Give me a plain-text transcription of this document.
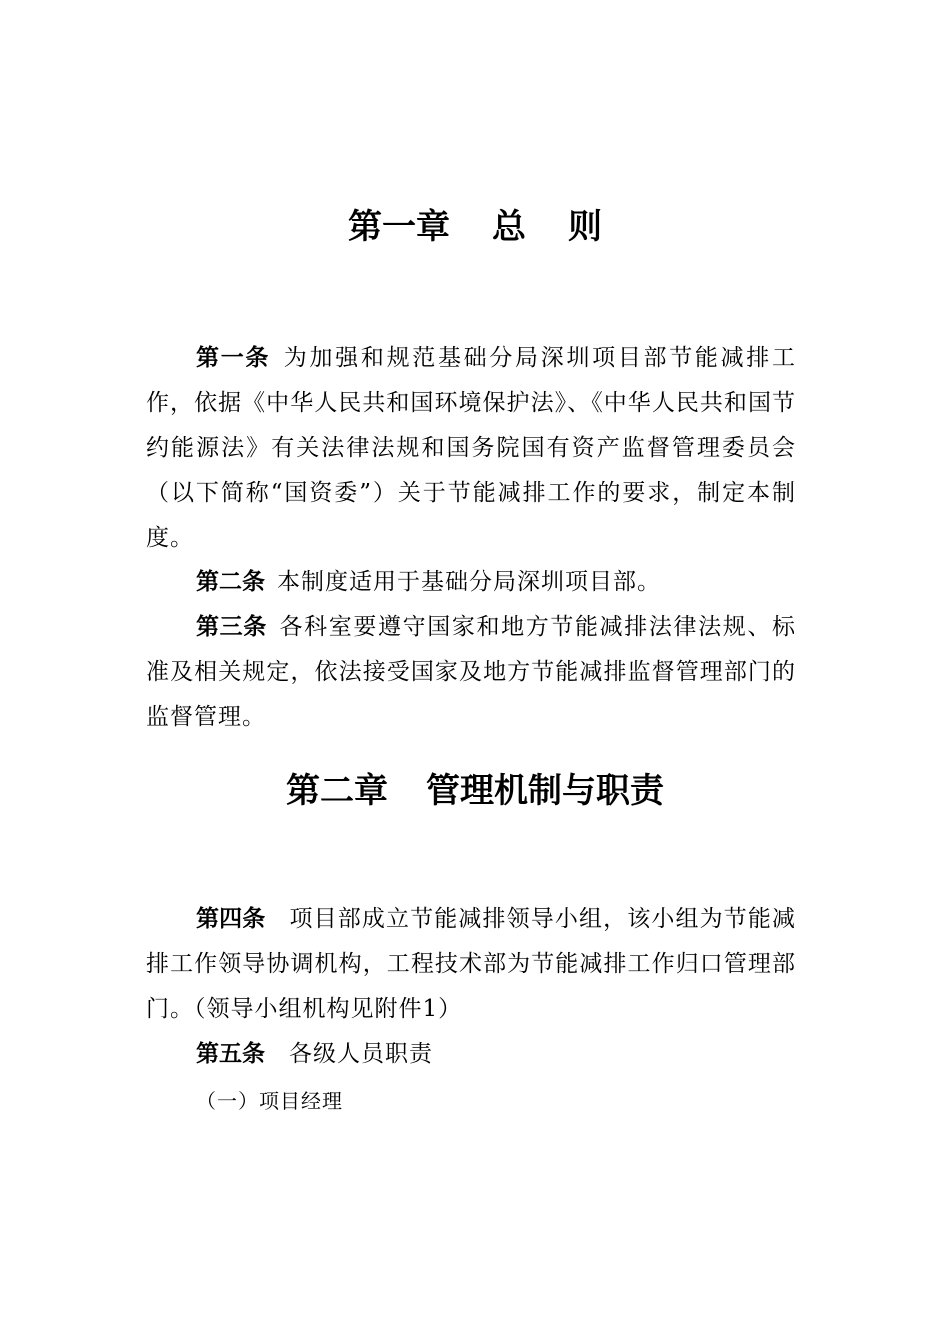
第一章 总 则

第一条 为加强和规范基础分局深圳项目部节能减排工作，依据《中华人民共和国环境保护法》、《中华人民共和国节约能源法》有关法律法规和国务院国有资产监督管理委员会（以下简称“国资委”）关于节能减排工作的要求，制定本制度。

第二条 本制度适用于基础分局深圳项目部。

第三条 各科室要遵守国家和地方节能减排法律法规、标准及相关规定，依法接受国家及地方节能减排监督管理部门的监督管理。

第二章 管理机制与职责

第四条 项目部成立节能减排领导小组，该小组为节能减排工作领导协调机构，工程技术部为节能减排工作归口管理部门。（领导小组机构见附件1）

第五条 各级人员职责

（一）项目经理
